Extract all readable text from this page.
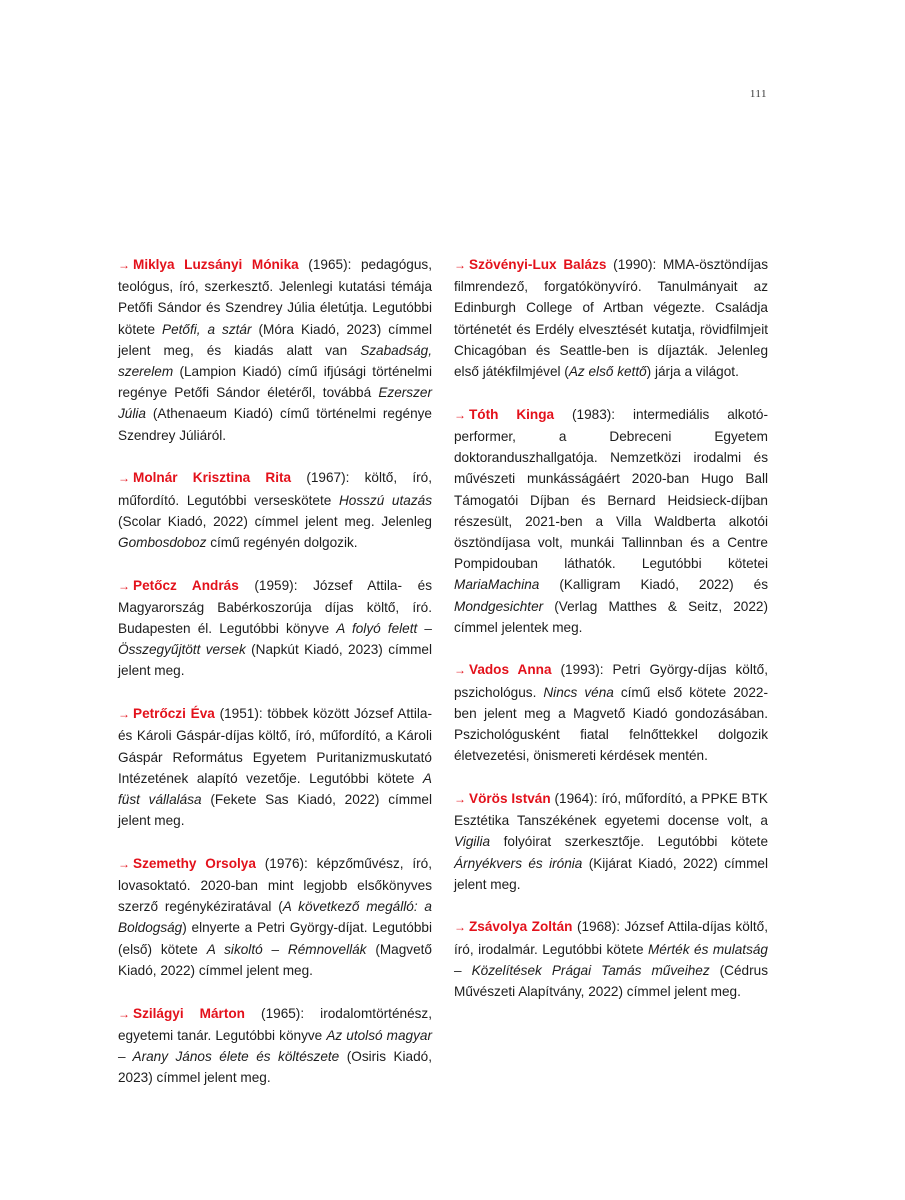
111

→ Miklya Luzsányi Mónika (1965): pedagógus, teológus, író, szerkesztő. Jelenlegi kutatási témája Petőfi Sándor és Szendrey Júlia életútja. Legutóbbi kötete Petőfi, a sztár (Móra Kiadó, 2023) címmel jelent meg, és kiadás alatt van Szabadság, szerelem (Lampion Kiadó) című ifjúsági történelmi regénye Petőfi Sándor életéről, továbbá Ezerszer Júlia (Athenaeum Kiadó) című történelmi regénye Szendrey Júliáról.

→ Molnár Krisztina Rita (1967): költő, író, műfordító. Legutóbbi verseskötete Hosszú utazás (Scolar Kiadó, 2022) címmel jelent meg. Jelenleg Gombosdoboz című regényén dolgozik.

→ Petőcz András (1959): József Attila- és Magyarország Babérkoszorúja díjas költő, író. Budapesten él. Legutóbbi könyve A folyó felett – Összegyűjtött versek (Napkút Kiadó, 2023) címmel jelent meg.

→ Petrőczi Éva (1951): többek között József Attila- és Károli Gáspár-díjas költő, író, műfordító, a Károli Gáspár Református Egyetem Puritanizmuskutató Intézetének alapító vezetője. Legutóbbi kötete A füst vállalása (Fekete Sas Kiadó, 2022) címmel jelent meg.

→ Szemethy Orsolya (1976): képzőművész, író, lovasoktató. 2020-ban mint legjobb elsőkönyves szerző regénykéziratával (A következő megálló: a Boldogság) elnyerte a Petri György-díjat. Legutóbbi (első) kötete A sikoltó – Rémnovellák (Magvető Kiadó, 2022) címmel jelent meg.

→ Szilágyi Márton (1965): irodalomtörténész, egyetemi tanár. Legutóbbi könyve Az utolsó magyar – Arany János élete és költészete (Osiris Kiadó, 2023) címmel jelent meg.

→ Szövényi-Lux Balázs (1990): MMA-ösztöndíjas filmrendező, forgatókönyvíró. Tanulmányait az Edinburgh College of Artban végezte. Családja történetét és Erdély elvesztését kutatja, rövidfilmjeit Chicagóban és Seattle-ben is díjazták. Jelenleg első játékfilmjével (Az első kettő) járja a világot.

→ Tóth Kinga (1983): intermediális alkotó-performer, a Debreceni Egyetem doktoranduszhallgatója. Nemzetközi irodalmi és művészeti munkásságáért 2020-ban Hugo Ball Támogatói Díjban és Bernard Heidsieck-díjban részesült, 2021-ben a Villa Waldberta alkotói ösztöndíjasa volt, munkái Tallinnban és a Centre Pompidouban láthatók. Legutóbbi kötetei MariaMachina (Kalligram Kiadó, 2022) és Mondgesichter (Verlag Matthes & Seitz, 2022) címmel jelentek meg.

→ Vados Anna (1993): Petri György-díjas költő, pszichológus. Nincs véna című első kötete 2022-ben jelent meg a Magvető Kiadó gondozásában. Pszichológusként fiatal felnőttekkel dolgozik életvezetési, önismereti kérdések mentén.

→ Vörös István (1964): író, műfordító, a PPKE BTK Esztétika Tanszékének egyetemi docense volt, a Vigilia folyóirat szerkesztője. Legutóbbi kötete Árnyékvers és irónia (Kijárat Kiadó, 2022) címmel jelent meg.

→ Zsávolya Zoltán (1968): József Attila-díjas költő, író, irodalmár. Legutóbbi kötete Mérték és mulatság – Közelítések Prágai Tamás műveihez (Cédrus Művészeti Alapítvány, 2022) címmel jelent meg.
